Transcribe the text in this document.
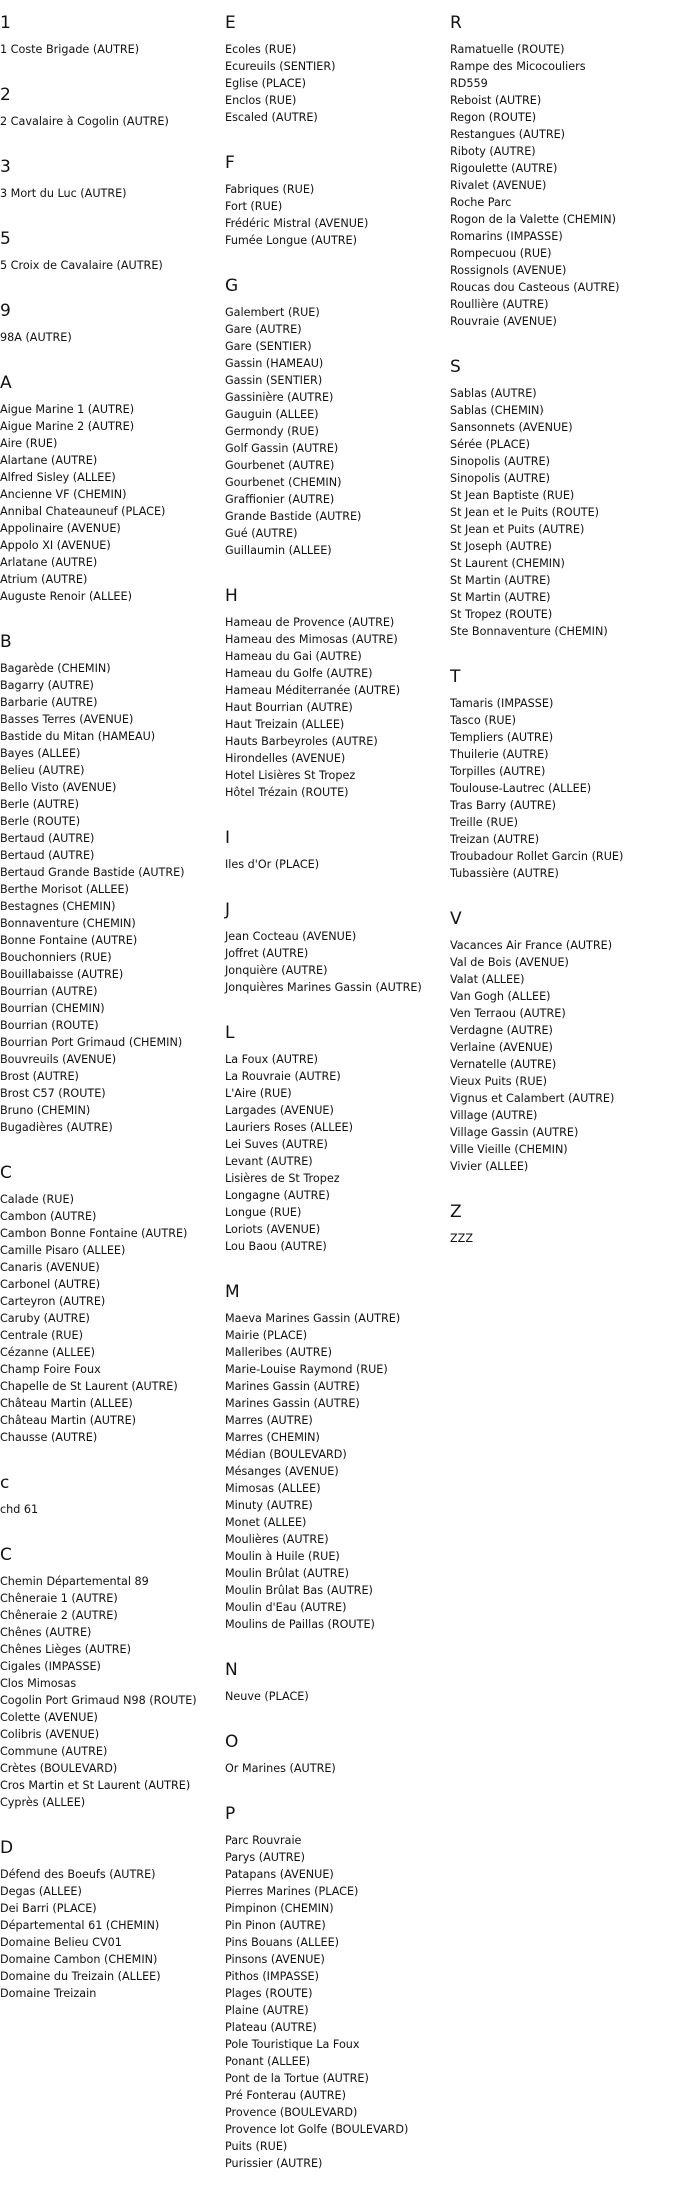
1
1 Coste Brigade (AUTRE)
2
2 Cavalaire à Cogolin (AUTRE)
3
3 Mort du Luc (AUTRE)
5
5 Croix de Cavalaire (AUTRE)
9
98A (AUTRE)
A
Aigue Marine 1 (AUTRE)
Aigue Marine 2 (AUTRE)
Aire (RUE)
Alartane (AUTRE)
Alfred Sisley (ALLEE)
Ancienne VF (CHEMIN)
Annibal Chateauneuf (PLACE)
Appolinaire (AVENUE)
Appolo XI (AVENUE)
Arlatane (AUTRE)
Atrium (AUTRE)
Auguste Renoir (ALLEE)
B
Bagarède (CHEMIN)
Bagarry (AUTRE)
Barbarie (AUTRE)
Basses Terres (AVENUE)
Bastide du Mitan (HAMEAU)
Bayes (ALLEE)
Belieu (AUTRE)
Bello Visto (AVENUE)
Berle (AUTRE)
Berle (ROUTE)
Bertaud (AUTRE)
Bertaud (AUTRE)
Bertaud Grande Bastide (AUTRE)
Berthe Morisot (ALLEE)
Bestagnes (CHEMIN)
Bonnaventure (CHEMIN)
Bonne Fontaine (AUTRE)
Bouchonniers (RUE)
Bouillabaisse (AUTRE)
Bourrian (AUTRE)
Bourrian (CHEMIN)
Bourrian (ROUTE)
Bourrian Port Grimaud (CHEMIN)
Bouvreuils (AVENUE)
Brost (AUTRE)
Brost C57 (ROUTE)
Bruno (CHEMIN)
Bugadières (AUTRE)
C
Calade (RUE)
Cambon (AUTRE)
Cambon Bonne Fontaine (AUTRE)
Camille Pisaro (ALLEE)
Canaris (AVENUE)
Carbonel (AUTRE)
Carteyron (AUTRE)
Caruby (AUTRE)
Centrale (RUE)
Cézanne (ALLEE)
Champ Foire Foux
Chapelle de St Laurent (AUTRE)
Château Martin (ALLEE)
Château Martin (AUTRE)
Chausse (AUTRE)
c
chd 61
C
Chemin Départemental 89
Chêneraie 1 (AUTRE)
Chêneraie 2 (AUTRE)
Chênes (AUTRE)
Chênes Lièges (AUTRE)
Cigales (IMPASSE)
Clos Mimosas
Cogolin Port Grimaud N98 (ROUTE)
Colette (AVENUE)
Colibris (AVENUE)
Commune (AUTRE)
Crètes (BOULEVARD)
Cros Martin et St Laurent (AUTRE)
Cyprès (ALLEE)
D
Défend des Boeufs (AUTRE)
Degas (ALLEE)
Dei Barri (PLACE)
Départemental 61 (CHEMIN)
Domaine Belieu CV01
Domaine Cambon (CHEMIN)
Domaine du Treizain (ALLEE)
Domaine Treizain
E
Ecoles (RUE)
Ecureuils (SENTIER)
Eglise (PLACE)
Enclos (RUE)
Escaled (AUTRE)
F
Fabriques (RUE)
Fort (RUE)
Frédéric Mistral (AVENUE)
Fumée Longue (AUTRE)
G
Galembert (RUE)
Gare (AUTRE)
Gare (SENTIER)
Gassin (HAMEAU)
Gassin (SENTIER)
Gassinière (AUTRE)
Gauguin (ALLEE)
Germondy (RUE)
Golf Gassin (AUTRE)
Gourbenet (AUTRE)
Gourbenet (CHEMIN)
Graffionier (AUTRE)
Grande Bastide (AUTRE)
Gué (AUTRE)
Guillaumin (ALLEE)
H
Hameau de Provence (AUTRE)
Hameau des Mimosas (AUTRE)
Hameau du Gai (AUTRE)
Hameau du Golfe (AUTRE)
Hameau Méditerranée (AUTRE)
Haut Bourrian (AUTRE)
Haut Treizain (ALLEE)
Hauts Barbeyroles (AUTRE)
Hirondelles (AVENUE)
Hotel Lisières St Tropez
Hôtel Trézain (ROUTE)
I
Iles d'Or (PLACE)
J
Jean Cocteau (AVENUE)
Joffret (AUTRE)
Jonquière (AUTRE)
Jonquières Marines Gassin (AUTRE)
L
La Foux (AUTRE)
La Rouvraie (AUTRE)
L'Aire (RUE)
Largades (AVENUE)
Lauriers Roses (ALLEE)
Lei Suves (AUTRE)
Levant (AUTRE)
Lisières de St Tropez
Longagne (AUTRE)
Longue (RUE)
Loriots (AVENUE)
Lou Baou (AUTRE)
M
Maeva Marines Gassin (AUTRE)
Mairie (PLACE)
Malleribes (AUTRE)
Marie-Louise Raymond (RUE)
Marines Gassin (AUTRE)
Marines Gassin (AUTRE)
Marres (AUTRE)
Marres (CHEMIN)
Médian (BOULEVARD)
Mésanges (AVENUE)
Mimosas (ALLEE)
Minuty (AUTRE)
Monet (ALLEE)
Moulières (AUTRE)
Moulin à Huile (RUE)
Moulin Brûlat (AUTRE)
Moulin Brûlat Bas (AUTRE)
Moulin d'Eau (AUTRE)
Moulins de Paillas (ROUTE)
N
Neuve (PLACE)
O
Or Marines (AUTRE)
P
Parc Rouvraie
Parys (AUTRE)
Patapans (AVENUE)
Pierres Marines (PLACE)
Pimpinon (CHEMIN)
Pin Pinon (AUTRE)
Pins Bouans (ALLEE)
Pinsons (AVENUE)
Pithos (IMPASSE)
Plages (ROUTE)
Plaine (AUTRE)
Plateau (AUTRE)
Pole Touristique La Foux
Ponant (ALLEE)
Pont de la Tortue (AUTRE)
Pré Fonterau (AUTRE)
Provence (BOULEVARD)
Provence lot Golfe (BOULEVARD)
Puits (RUE)
Purissier (AUTRE)
R
Ramatuelle (ROUTE)
Rampe des Micocouliers
RD559
Reboist (AUTRE)
Regon (ROUTE)
Restangues (AUTRE)
Riboty (AUTRE)
Rigoulette (AUTRE)
Rivalet (AVENUE)
Roche Parc
Rogon de la Valette (CHEMIN)
Romarins (IMPASSE)
Rompecuou (RUE)
Rossignols (AVENUE)
Roucas dou Casteous (AUTRE)
Roullière (AUTRE)
Rouvraie (AVENUE)
S
Sablas (AUTRE)
Sablas (CHEMIN)
Sansonnets (AVENUE)
Sérée (PLACE)
Sinopolis (AUTRE)
Sinopolis (AUTRE)
St Jean Baptiste (RUE)
St Jean et le Puits (ROUTE)
St Jean et Puits (AUTRE)
St Joseph (AUTRE)
St Laurent (CHEMIN)
St Martin (AUTRE)
St Martin (AUTRE)
St Tropez (ROUTE)
Ste Bonnaventure (CHEMIN)
T
Tamaris (IMPASSE)
Tasco (RUE)
Templiers (AUTRE)
Thuilerie (AUTRE)
Torpilles (AUTRE)
Toulouse-Lautrec (ALLEE)
Tras Barry (AUTRE)
Treille (RUE)
Treizan (AUTRE)
Troubadour Rollet Garcin (RUE)
Tubassière (AUTRE)
V
Vacances Air France (AUTRE)
Val de Bois (AVENUE)
Valat (ALLEE)
Van Gogh (ALLEE)
Ven Terraou (AUTRE)
Verdagne (AUTRE)
Verlaine (AVENUE)
Vernatelle (AUTRE)
Vieux Puits (RUE)
Vignus et Calambert (AUTRE)
Village (AUTRE)
Village Gassin (AUTRE)
Ville Vieille (CHEMIN)
Vivier (ALLEE)
Z
ZZZ
